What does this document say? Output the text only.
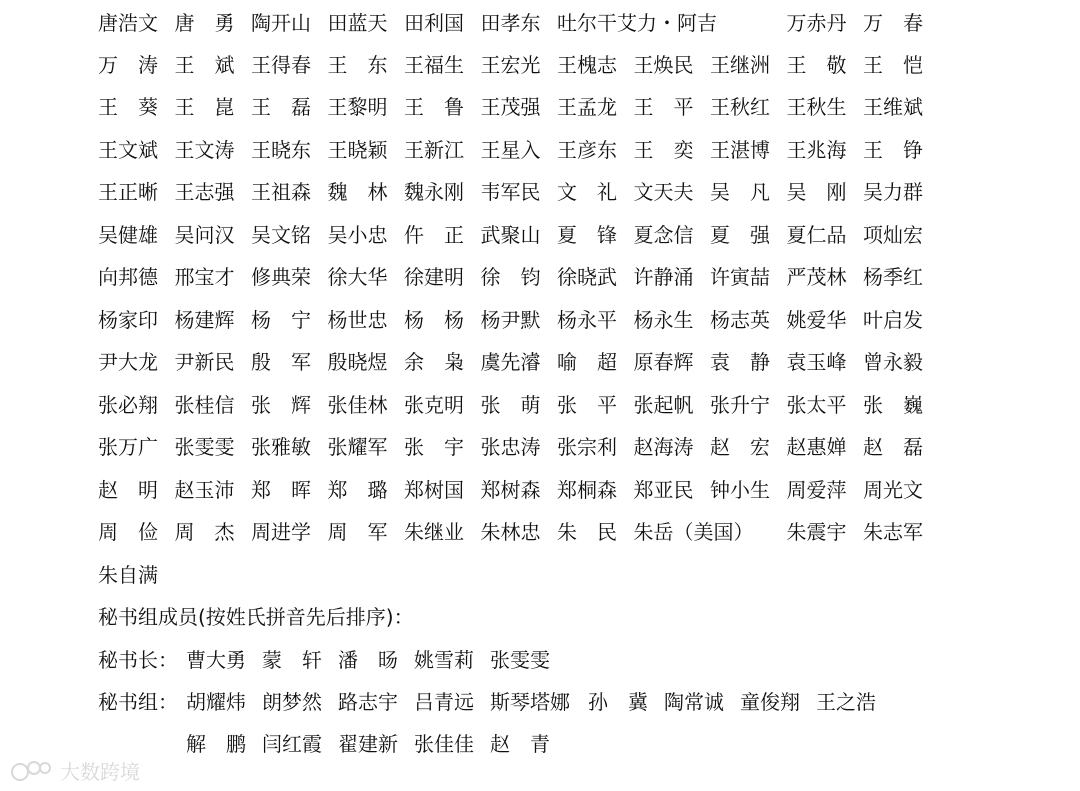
唐浩文 唐　勇 陶开山 田蓝天 田利国 田孝东 吐尔干艾力・阿吉	万赤丹 万　春
万　涛 王　斌 王得春 王　东 王福生 王宏光 王槐志 王焕民 王继洲 王　敬 王　恺
王　葵 王　崑 王　磊 王黎明 王　鲁 王茂强 王孟龙 王　平 王秋红 王秋生 王维斌
王文斌 王文涛 王晓东 王晓颖 王新江 王星入 王彦东 王　奕 王湛博 王兆海 王　铮
王正晰 王志强 王祖森 魏　林 魏永刚 韦军民 文　礼 文天夫 吴　凡 吴　刚 吴力群
吴健雄 吴问汉 吴文铭 吴小忠 仵　正 武聚山 夏　锋 夏念信 夏　强 夏仁品 项灿宏
向邦德 邢宝才 修典荣 徐大华 徐建明 徐　钧 徐晓武 许静涌 许寅喆 严茂林 杨季红
杨家印 杨建辉 杨　宁 杨世忠 杨　杨 杨尹默 杨永平 杨永生 杨志英 姚爱华 叶启发
尹大龙 尹新民 殷　军 殷晓煜 余　枭 虞先濬 喻　超 原春辉 袁　静 袁玉峰 曾永毅
张必翔 张桂信 张　辉 张佳林 张克明 张　萌 张　平 张起帆 张升宁 张太平 张　巍
张万广 张雯雯 张雅敏 张耀军 张　宇 张忠涛 张宗利 赵海涛 赵　宏 赵惠婵 赵　磊
赵　明 赵玉沛 郑　晖 郑　璐 郑树国 郑树森 郑桐森 郑亚民 钟小生 周爱萍 周光文
周　俭 周　杰 周进学 周　军 朱继业 朱林忠 朱　民 朱岳（美国）	朱震宇 朱志军
朱自满
秘书组成员(按姓氏拼音先后排序)：
秘书长： 曹大勇 蒙　轩 潘　旸 姚雪莉 张雯雯
秘书组： 胡耀炜 朗梦然 路志宇 吕青远 斯琴塔娜 孙　冀 陶常诚 童俊翔 王之浩
解　鹏 闫红霞 翟建新 张佳佳 赵　青
大数跨境
